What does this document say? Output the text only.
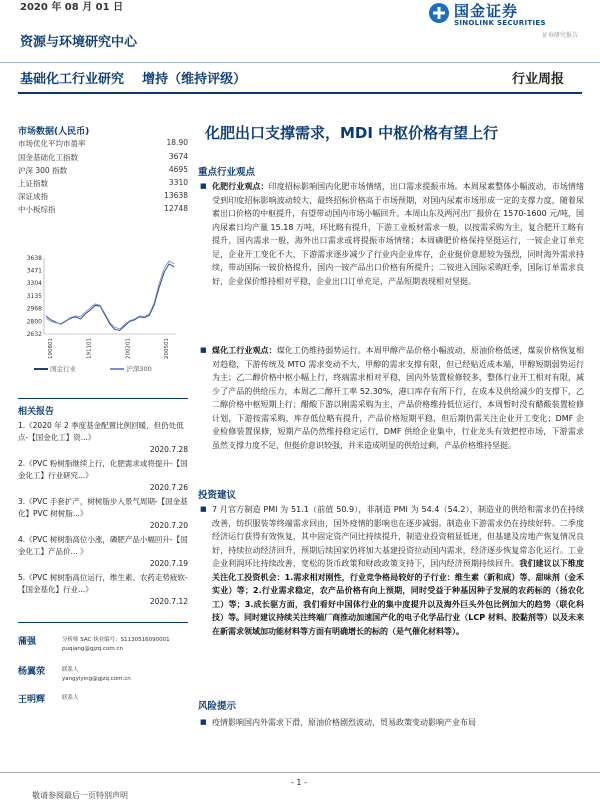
2020 年 08 月 01 日	国金证券
SINOLINK SECURITIES
证券研究报告
资源与环境研究中心
基础化工行业研究    增持（维持评级）	行业周报
市场数据(人民币)
市场优化平均市盈率	18.90
国金基础化工指数	3674
沪深 300 指数	4695
上证指数	3310
深证成指	13638
中小板综指	12748
3638
3471
3304
3135
2968
2800
2632
190801	191101	200201	200501
国金行业	沪深300
相关报告
1.《2020 年 2 季度基金配置比例回暖，但仍处低点-【国金化工】资...》
2020.7.28
2.《PVC 粉树脂继续上行，化肥需求或将提升-【国金化工】行业研究...》
2020.7.26
3.《PVC 手套扩产，树树脂步入景气周期-【国金基化】PVC 树树脂...》
2020.7.20
4.《PVC 树树脂高位小涨，磷肥产品小幅回升-【国金化工】产品价... 》
2020.7.19
5.《PVC 树树脂高位运行，维生素、农药走势疲软-【国金基化】行业...》
2020.7.12
蒲强	分析师 SAC 执业编号：S1130516090001
puqiang@gjzq.com.cn
杨翼荥	联系人
yangyiying@gjzq.com.cn
王明辉	联系人
化肥出口支撑需求，MDI 中枢价格有望上行
重点行业观点
■ 化肥行业观点：印度招标影响国内化肥市场情绪，出口需求提振市场。本周尿素整体小幅波动，市场情绪受到印度招标影响波动较大，最终招标价格高于市场预期，对国内尿素市场形成一定的支撑力度，随着尿素出口价格的中枢提升，有望带动国内市场小幅回升。本周山东及两河出厂报价在 1570-1600 元/吨，国内尿素日均产量 15.18 万吨，环比略有提升，下游工业板材需求一般，以按需采购为主，复合肥开工略有提升，国内需求一般，海外出口需求或将提振市场情绪；本周磷肥价格保持坚挺运行，一铵企业订单充足，企业开工变化不大，下游需求逐步减少了行业内企业库存，企业挺价意愿较为强烈，同时海外需求持续，带动国际一铵价格提升，国内一铵产品出口价格有所提升；二铵进入国际采购旺季，国际订单需求良好，企业保价维持相对平稳，企业出口订单充足，产品短期表现相对坚挺。
■ 煤化工行业观点：煤化工仍维持弱势运行。本周甲醇产品价格小幅波动，原油价格低迷，煤炭价格恢复相对趋稳，下游传统及 MTO 需求变动不大，甲醇的需求支撑有限，但已经贴近成本端，甲醇短期弱势运行为主；乙二醇价格中枢小幅上行，终端需求相对平稳，国内外装置检修较多，整体行业开工相对有限，减少了产品的供给压力，本周乙二醇开工率 52.30%，港口库存有所下行，在成本及供给减少的支撑下，乙二醇价格中枢短期上行；醋酸下游以刚需采购为主，产品价格维持低位运行，本周暂时没有醋酸装置检修计划，下游按需采购，库存低位略有提升，产品价格短期平稳，但后期仍需关注企业开工变化；DMF 企业检修装置保修，短期产品仍然维持稳定运行，DMF 供给企业集中，行业龙头有效把控市场，下游需求虽然支撑力度不足，但挺价意识较强，并未造成明显的供给过剩，产品价格维持坚挺。
投资建议
■ 7 月官方制造 PMI 为 51.1（前值 50.9），非制造 PMI 为 54.4（54.2），制造业的供给和需求仍在持续改善，纺织服装等终端需求回由，国外疫情的影响也在逐步减弱。制造业下游需求仍在持续好转。二季度经济运行获得有效恢复，其中固定资产同比持续提升，制造业投资稍显低迷，但基建及房地产恢复情况良好，持续拉动经济回升，预期后续国家仍将加大基建投资拉动国内需求，经济逐步恢复常态化运行。工业企业利润环比持续改善，宽松的货币政策和财政政策支持下，国内经济预期持续回升。我们建议以下维度关注化工投资机会：1.需求相对刚性，行业竞争格局较好的子行业：维生素（新和成）等、甜味剂（金禾实业）等；2.行业需求稳定，农产品价格有向上预期，同时受益于种基因种子发展的农药标的（扬农化工）等；3.成长驱方面，我们看好中国体行业的集中度提升以及海外巨头外包比例加大的趋势（联化科技）等。同时建议持续关注终端厂商推动加速国产化的电子化学品行业（LCP 材料、胶黏剂等）以及未来在新需求领域加功能材料等方面有明确增长的标的（是气催化材料等）。
风险提示
■ 疫情影响国内外需求下滑，原油价格剧烈波动，贸易政策变动影响产业布局
- 1 -
敬请参阅最后一页特别声明
